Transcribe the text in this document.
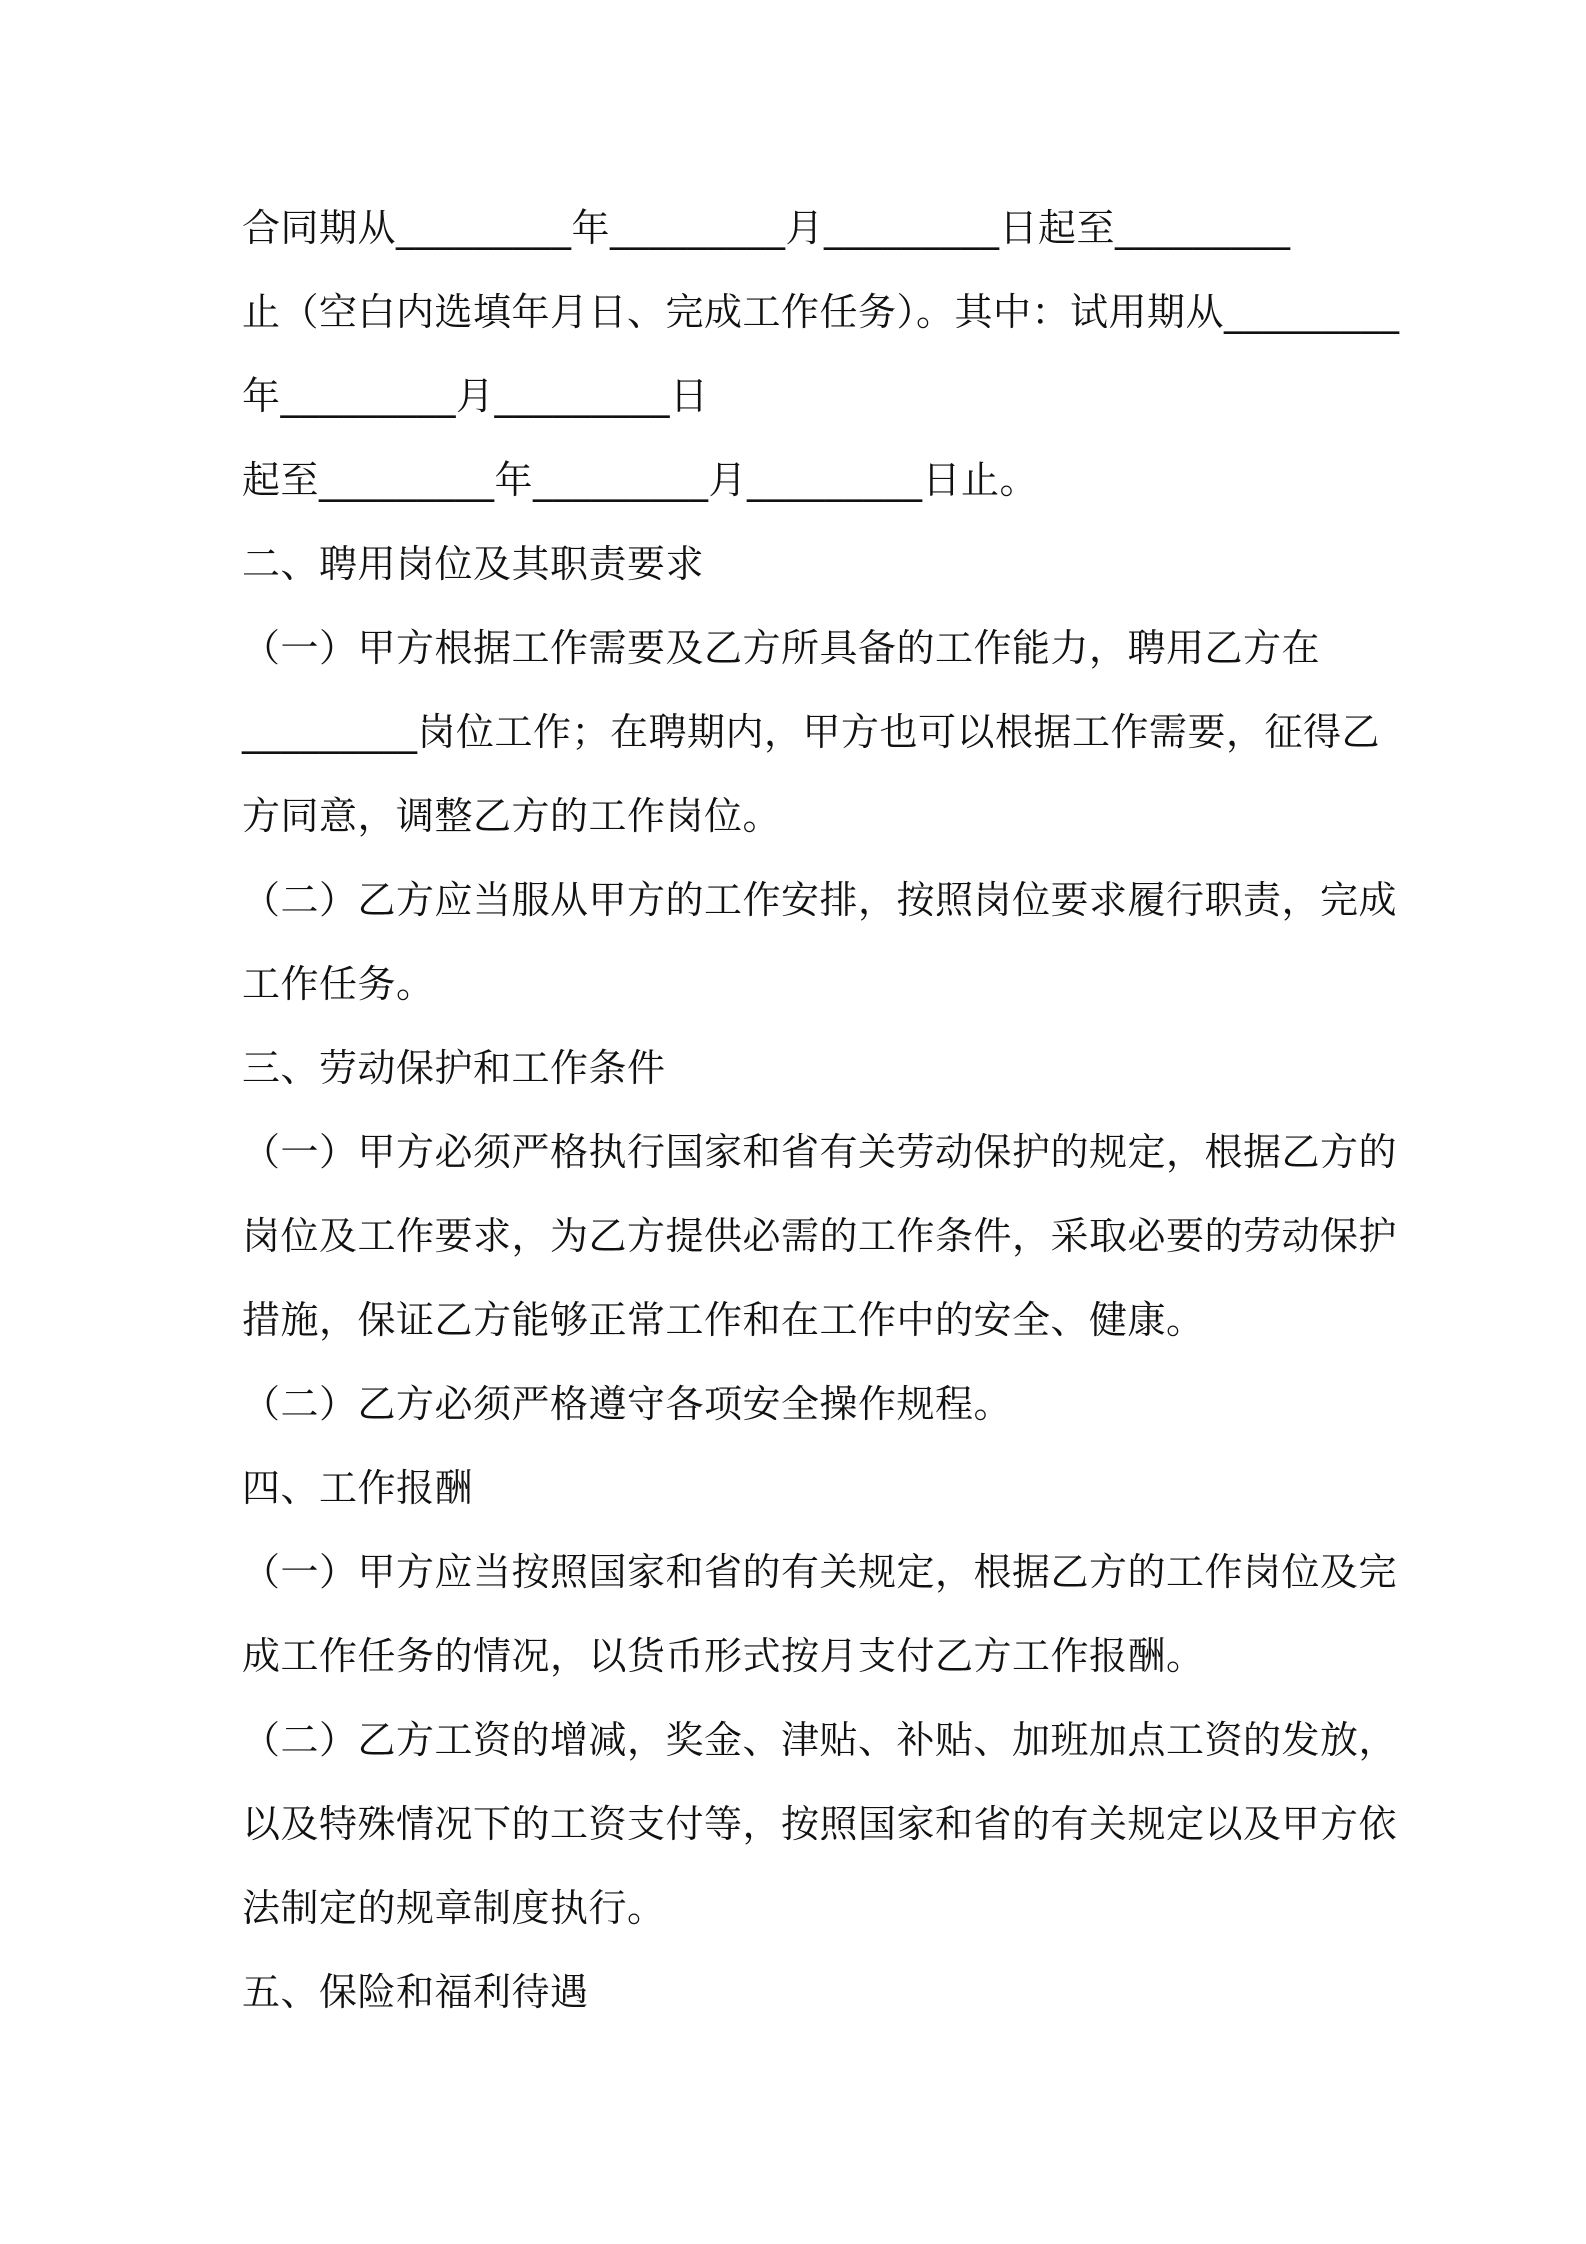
合同期从_________年_________月_________日起至_________
止（空白内选填年月日、完成工作任务）。其中：试用期从_________
年_________月_________日
起至_________年_________月_________日止。
二、聘用岗位及其职责要求
（一）甲方根据工作需要及乙方所具备的工作能力，聘用乙方在
_________岗位工作；在聘期内，甲方也可以根据工作需要，征得乙
方同意，调整乙方的工作岗位。
（二）乙方应当服从甲方的工作安排，按照岗位要求履行职责，完成
工作任务。
三、劳动保护和工作条件
（一）甲方必须严格执行国家和省有关劳动保护的规定，根据乙方的
岗位及工作要求，为乙方提供必需的工作条件，采取必要的劳动保护
措施，保证乙方能够正常工作和在工作中的安全、健康。
（二）乙方必须严格遵守各项安全操作规程。
四、工作报酬
（一）甲方应当按照国家和省的有关规定，根据乙方的工作岗位及完
成工作任务的情况，以货币形式按月支付乙方工作报酬。
（二）乙方工资的增减，奖金、津贴、补贴、加班加点工资的发放，
以及特殊情况下的工资支付等，按照国家和省的有关规定以及甲方依
法制定的规章制度执行。
五、保险和福利待遇
